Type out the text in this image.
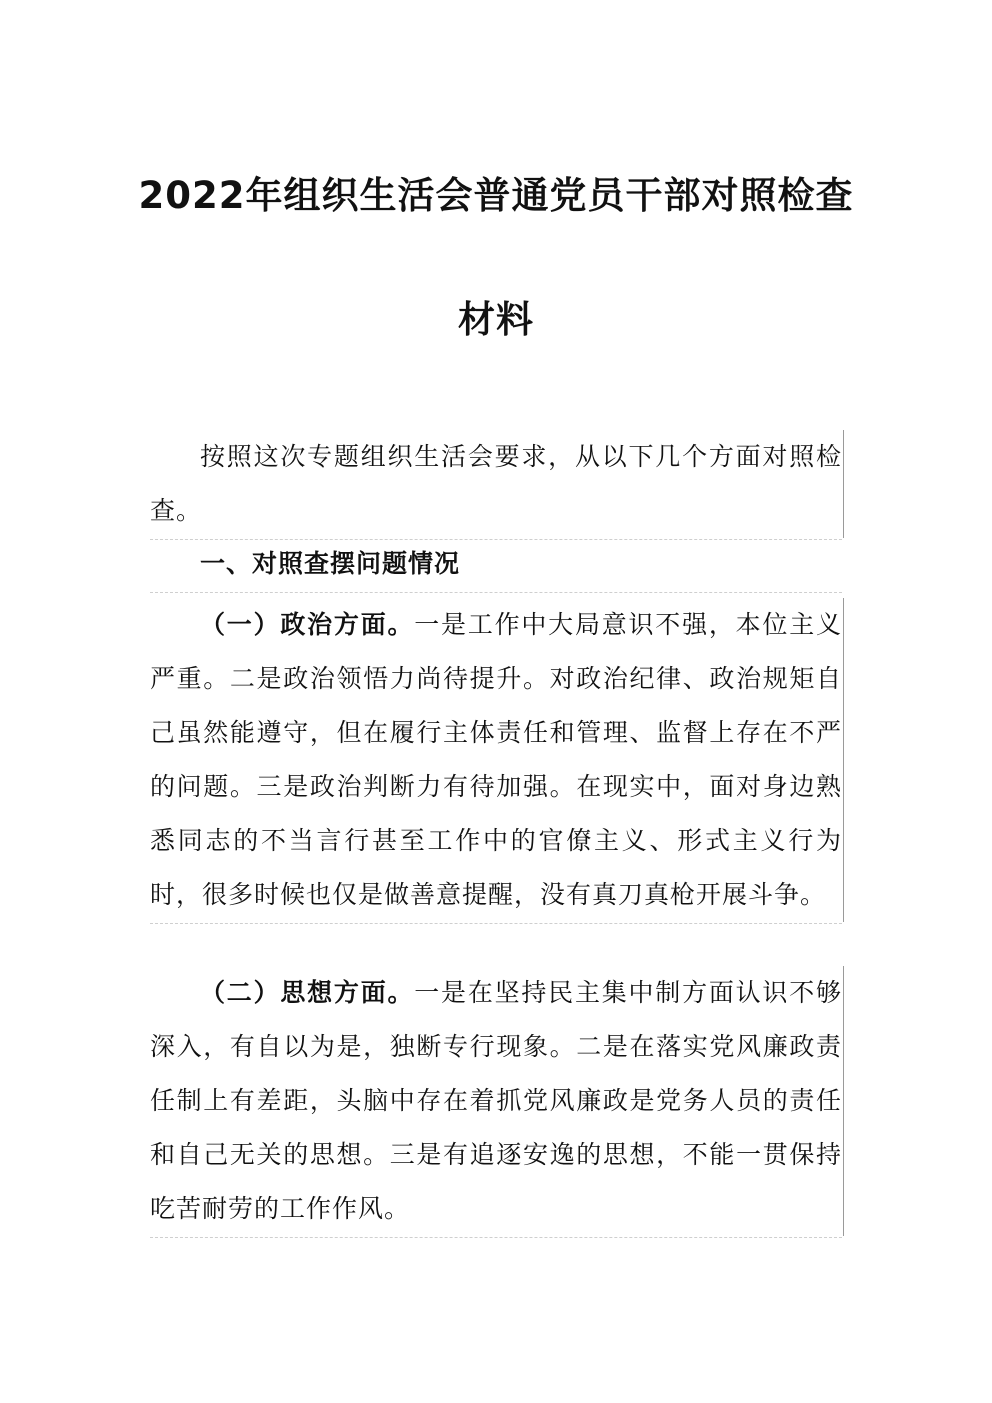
2022年组织生活会普通党员干部对照检查
材料

按照这次专题组织生活会要求，从以下几个方面对照检查。

一、对照查摆问题情况

（一）政治方面。一是工作中大局意识不强，本位主义严重。二是政治领悟力尚待提升。对政治纪律、政治规矩自己虽然能遵守，但在履行主体责任和管理、监督上存在不严的问题。三是政治判断力有待加强。在现实中，面对身边熟悉同志的不当言行甚至工作中的官僚主义、形式主义行为时，很多时候也仅是做善意提醒，没有真刀真枪开展斗争。

（二）思想方面。一是在坚持民主集中制方面认识不够深入，有自以为是，独断专行现象。二是在落实党风廉政责任制上有差距，头脑中存在着抓党风廉政是党务人员的责任和自己无关的思想。三是有追逐安逸的思想，不能一贯保持吃苦耐劳的工作作风。
